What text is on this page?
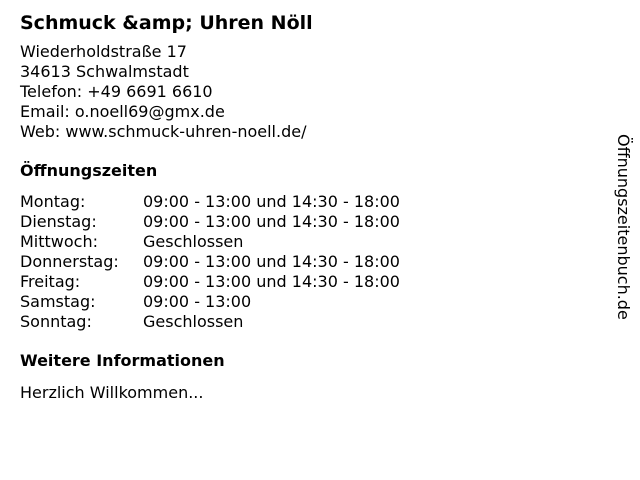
Schmuck &amp; Uhren Nöll
Wiederholdstraße 17
34613 Schwalmstadt
Telefon: +49 6691 6610
Email: o.noell69@gmx.de
Web: www.schmuck-uhren-noell.de/
Öffnungszeiten
Montag:	09:00 - 13:00 und 14:30 - 18:00
Dienstag:	09:00 - 13:00 und 14:30 - 18:00
Mittwoch:	Geschlossen
Donnerstag:	09:00 - 13:00 und 14:30 - 18:00
Freitag:	09:00 - 13:00 und 14:30 - 18:00
Samstag:	09:00 - 13:00
Sonntag:	Geschlossen
Weitere Informationen
Herzlich Willkommen...
Öffnungszeitenbuch.de
